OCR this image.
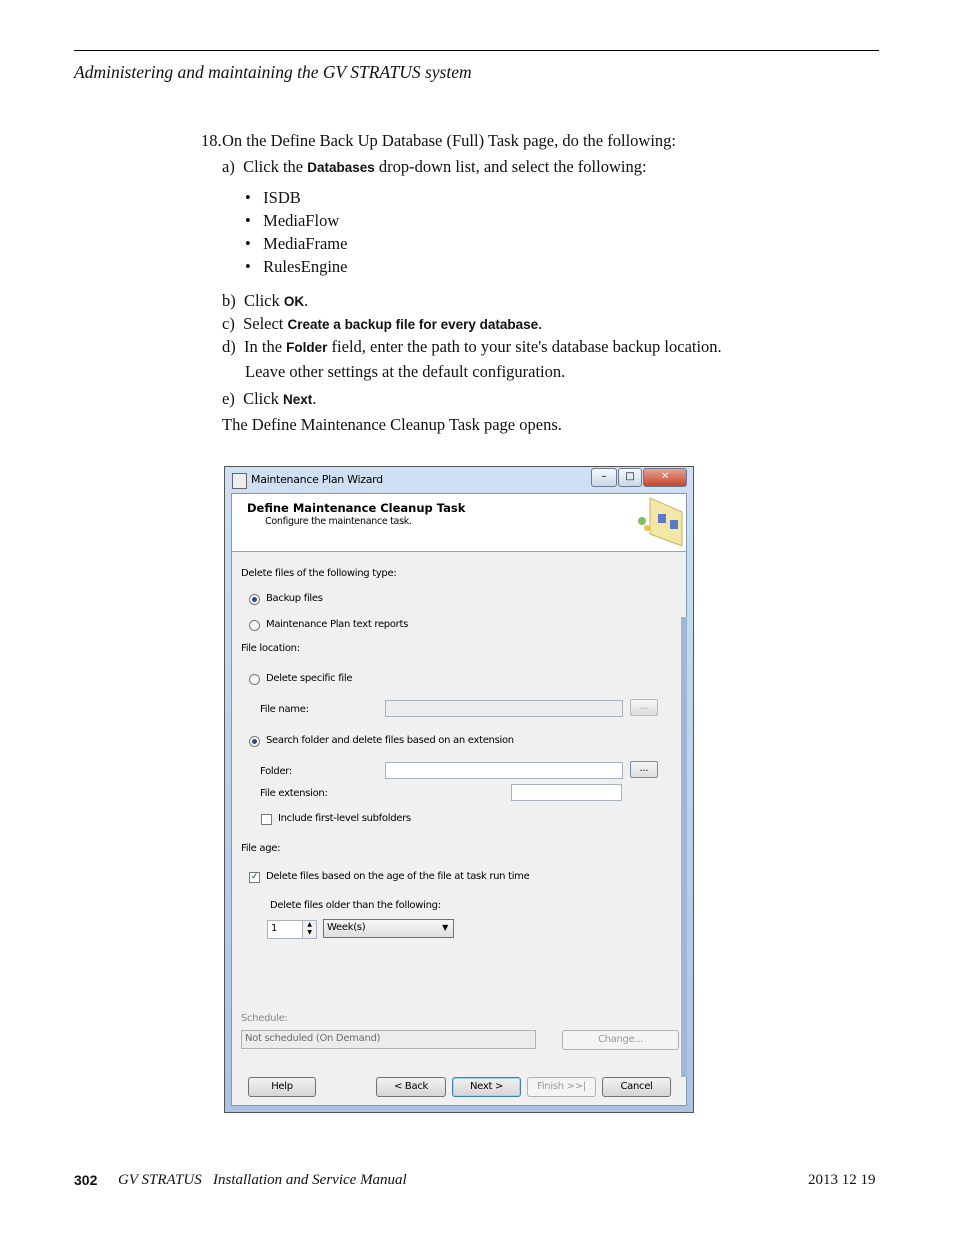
Administering and maintaining the GV STRATUS system
18. On the Define Back Up Database (Full) Task page, do the following:
a) Click the Databases drop-down list, and select the following:
•   ISDB
•   MediaFlow
•   MediaFrame
•   RulesEngine
b) Click OK.
c) Select Create a backup file for every database.
d) In the Folder field, enter the path to your site's database backup location.
Leave other settings at the default configuration.
e) Click Next.
The Define Maintenance Cleanup Task page opens.
Maintenance Plan Wizard	–	□	✕
Define Maintenance Cleanup Task
Configure the maintenance task.
Delete files of the following type:
Backup files
Maintenance Plan text reports
File location:
Delete specific file
File name:	...
Search folder and delete files based on an extension
Folder:	...
File extension:
Include first-level subfolders
File age:
✓ Delete files based on the age of the file at task run time
Delete files older than the following:
1	▲
▼	Week(s)	▼
Schedule:
Not scheduled (On Demand)	Change...
Help	< Back	Next >	Finish >>|	Cancel
302 GV STRATUS   Installation and Service Manual	2013 12 19
